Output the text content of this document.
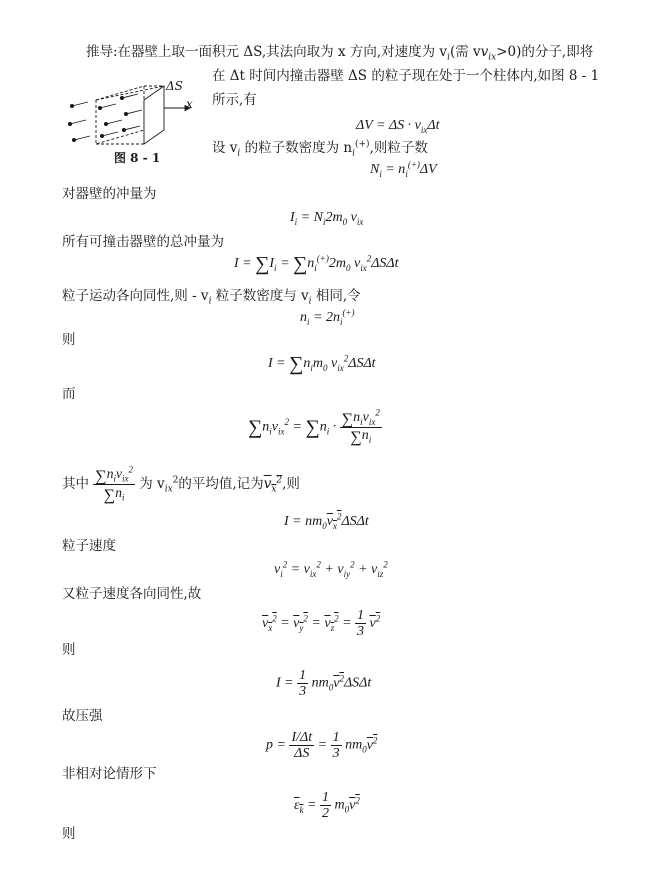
推导:在器壁上取一面积元 ΔS,其法向取为 x 方向,对速度为 $v_i$(需 $vv_{ix}>0$)的分子,即将
在 Δt 时间内撞击器壁 ΔS 的粒子现在处于一个柱体内,如图 8 - 1
所示,有
ΔS
x
图 8 - 1
$\Delta V = \Delta S \cdot v_{ix}\Delta t$
设 $v_i$ 的粒子数密度为 $n_i^{(+)}$,则粒子数
$N_i = n_i^{(+)}\Delta V$
对器壁的冲量为
$I_i = N_i2m_0$ $v_{ix}$
所有可撞击器壁的总冲量为
$I = \sum I_i = \sum n_i^{(+)}2m_0$ $v_{ix}^2\Delta S\Delta t$
粒子运动各向同性,则 - $v_i$ 粒子数密度与 $v_i$ 相同,令
$n_i = 2n_i^{(+)}$
则
$I = \sum n_im_0$ $v_{ix}^2\Delta S\Delta t$
而
$\sum n_iv_{ix}^2 = \sum n_i \cdot \frac{\sum n_iv_{ix}^2}{\sum n_i}$
其中 $\frac{\sum n_iv_{ix}^2}{\sum n_i}$ 为 $v_{ix}^2$的平均值,记为$v_x^2$,则
$I = nm_0v_x^2\Delta S\Delta t$
粒子速度
$v_i^2 = v_{ix}^2 + v_{iy}^2 + v_{iz}^2$
又粒子速度各向同性,故
$v_x^2 = v_y^2 = v_z^2 = \frac{1}{3} v^2$
则
$I = \frac{1}{3} nm_0v^2\Delta S\Delta t$
故压强
$p = \frac{I/\Delta t}{\Delta S} = \frac{1}{3} nm_0v^2$
非相对论情形下
$\varepsilon_k = \frac{1}{2} m_0v^2$
则
